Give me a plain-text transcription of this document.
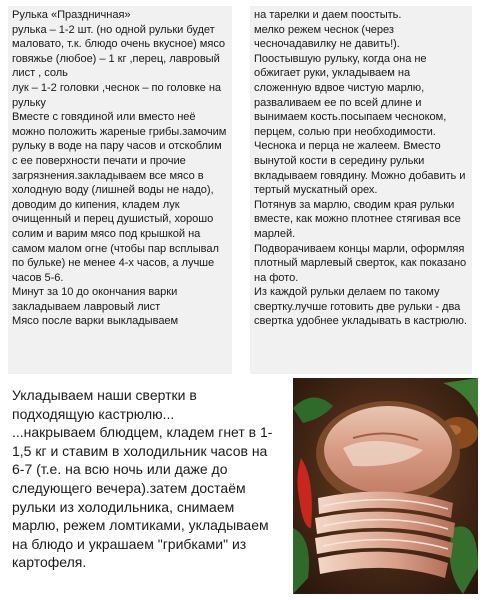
Рулька «Праздничная»
рулька – 1-2 шт. (но одной рульки будет маловато, т.к. блюдо очень вкусное) мясо говяжье (любое) – 1 кг ,перец, лавровый лист , соль
лук – 1-2 головки ,чеснок – по головке на рульку
Вместе с говядиной или вместо неё можно положить жареные грибы.замочим рульку в воде на пару часов и отскоблим с ее поверхности печати и прочие загрязнения.закладываем все мясо в холодную воду (лишней воды не надо), доводим до кипения, кладем лук очищенный и перец душистый, хорошо солим и варим мясо под крышкой на самом малом огне (чтобы пар всплывал по бульке) не менее 4-х часов, а лучше часов 5-6.
Минут за 10 до окончания варки закладываем лавровый лист
Мясо после варки выкладываем

на тарелки и даем поостыть.
мелко режем чеснок (через чесночадавилку не давить!).
Поостывшую рульку, когда она не обжигает руки, укладываем на сложенную вдвое чистую марлю, разваливаем ее по всей длине и вынимаем кость.посыпаем чесноком, перцем, солью при необходимости. Чеснока и перца не жалеем. Вместо вынутой кости в середину рульки вкладываем говядину. Можно добавить и тертый мускатный орех.
Потянув за марлю, сводим края рульки вместе, как можно плотнее стягивая все марлей.
Подворачиваем концы марли, оформляя плотный марлевый сверток, как показано на фото.
Из каждой рульки делаем по такому свертку.лучше готовить две рульки - два свертка удобнее укладывать в кастрюлю.

Укладываем наши свертки в подходящую кастрюлю...
...накрываем блюдцем, кладем гнет в 1-1,5 кг и ставим в холодильник часов на 6-7 (т.е. на всю ночь или даже до следующего вечера).затем достаём рульки из холодильника, снимаем марлю, режем ломтиками, укладываем на блюдо и украшаем "грибками" из картофеля.
